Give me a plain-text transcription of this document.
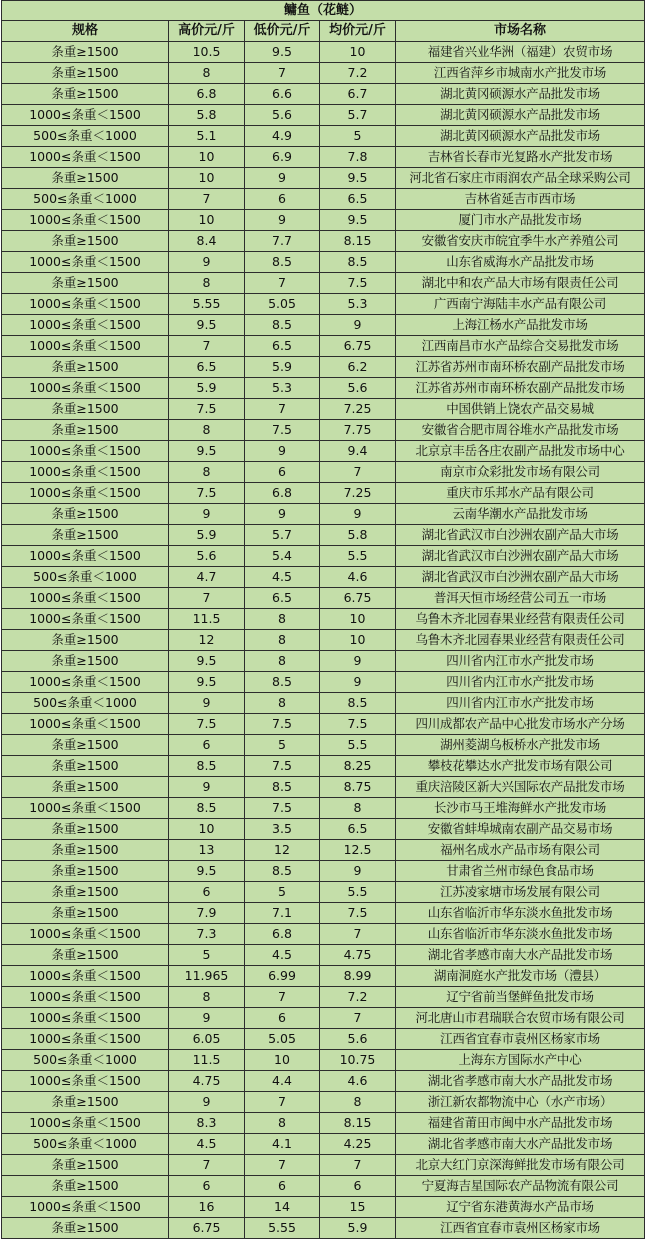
鳙鱼（花鲢）				
规格	高价元/斤	低价元/斤	均价元/斤	市场名称
条重≥1500	10.5	9.5	10	福建省兴业华洲（福建）农贸市场
条重≥1500	8	7	7.2	江西省萍乡市城南水产批发市场
条重≥1500	6.8	6.6	6.7	湖北黄冈硕源水产品批发市场
1000≤条重＜1500	5.8	5.6	5.7	湖北黄冈硕源水产品批发市场
500≤条重＜1000	5.1	4.9	5	湖北黄冈硕源水产品批发市场
1000≤条重＜1500	10	6.9	7.8	吉林省长春市光复路水产批发市场
条重≥1500	10	9	9.5	河北省石家庄市雨润农产品全球采购公司
500≤条重＜1000	7	6	6.5	吉林省延吉市西市场
1000≤条重＜1500	10	9	9.5	厦门市水产品批发市场
条重≥1500	8.4	7.7	8.15	安徽省安庆市皖宜季牛水产养殖公司
1000≤条重＜1500	9	8.5	8.5	山东省威海水产品批发市场
条重≥1500	8	7	7.5	湖北中和农产品大市场有限责任公司
1000≤条重＜1500	5.55	5.05	5.3	广西南宁海陆丰水产品有限公司
1000≤条重＜1500	9.5	8.5	9	上海江杨水产品批发市场
1000≤条重＜1500	7	6.5	6.75	江西南昌市水产品综合交易批发市场
条重≥1500	6.5	5.9	6.2	江苏省苏州市南环桥农副产品批发市场
1000≤条重＜1500	5.9	5.3	5.6	江苏省苏州市南环桥农副产品批发市场
条重≥1500	7.5	7	7.25	中国供销上饶农产品交易城
条重≥1500	8	7.5	7.75	安徽省合肥市周谷堆水产品批发市场
1000≤条重＜1500	9.5	9	9.4	北京京丰岳各庄农副产品批发市场中心
1000≤条重＜1500	8	6	7	南京市众彩批发市场有限公司
1000≤条重＜1500	7.5	6.8	7.25	重庆市乐邦水产品有限公司
条重≥1500	9	9	9	云南华潮水产品批发市场
条重≥1500	5.9	5.7	5.8	湖北省武汉市白沙洲农副产品大市场
1000≤条重＜1500	5.6	5.4	5.5	湖北省武汉市白沙洲农副产品大市场
500≤条重＜1000	4.7	4.5	4.6	湖北省武汉市白沙洲农副产品大市场
1000≤条重＜1500	7	6.5	6.75	普洱天恒市场经营公司五一市场
1000≤条重＜1500	11.5	8	10	乌鲁木齐北园春果业经营有限责任公司
条重≥1500	12	8	10	乌鲁木齐北园春果业经营有限责任公司
条重≥1500	9.5	8	9	四川省内江市水产批发市场
1000≤条重＜1500	9.5	8.5	9	四川省内江市水产批发市场
500≤条重＜1000	9	8	8.5	四川省内江市水产批发市场
1000≤条重＜1500	7.5	7.5	7.5	四川成都农产品中心批发市场水产分场
条重≥1500	6	5	5.5	湖州菱湖乌板桥水产批发市场
条重≥1500	8.5	7.5	8.25	攀枝花攀达水产批发市场有限公司
条重≥1500	9	8.5	8.75	重庆涪陵区新大兴国际农产品批发市场
1000≤条重＜1500	8.5	7.5	8	长沙市马王堆海鲜水产批发市场
条重≥1500	10	3.5	6.5	安徽省蚌埠城南农副产品交易市场
条重≥1500	13	12	12.5	福州名成水产品市场有限公司
条重≥1500	9.5	8.5	9	甘肃省兰州市绿色食品市场
条重≥1500	6	5	5.5	江苏凌家塘市场发展有限公司
条重≥1500	7.9	7.1	7.5	山东省临沂市华东淡水鱼批发市场
1000≤条重＜1500	7.3	6.8	7	山东省临沂市华东淡水鱼批发市场
条重≥1500	5	4.5	4.75	湖北省孝感市南大水产品批发市场
1000≤条重＜1500	11.965	6.99	8.99	湖南洞庭水产批发市场（澧县）
1000≤条重＜1500	8	7	7.2	辽宁省前当堡鲜鱼批发市场
1000≤条重＜1500	9	6	7	河北唐山市君瑞联合农贸市场有限公司
1000≤条重＜1500	6.05	5.05	5.6	江西省宜春市袁州区杨家市场
500≤条重＜1000	11.5	10	10.75	上海东方国际水产中心
1000≤条重＜1500	4.75	4.4	4.6	湖北省孝感市南大水产品批发市场
条重≥1500	9	7	8	浙江新农都物流中心（水产市场）
1000≤条重＜1500	8.3	8	8.15	福建省莆田市闽中水产品批发市场
500≤条重＜1000	4.5	4.1	4.25	湖北省孝感市南大水产品批发市场
条重≥1500	7	7	7	北京大红门京深海鲜批发市场有限公司
条重≥1500	6	6	6	宁夏海吉星国际农产品物流有限公司
1000≤条重＜1500	16	14	15	辽宁省东港黄海水产品市场
条重≥1500	6.75	5.55	5.9	江西省宜春市袁州区杨家市场
